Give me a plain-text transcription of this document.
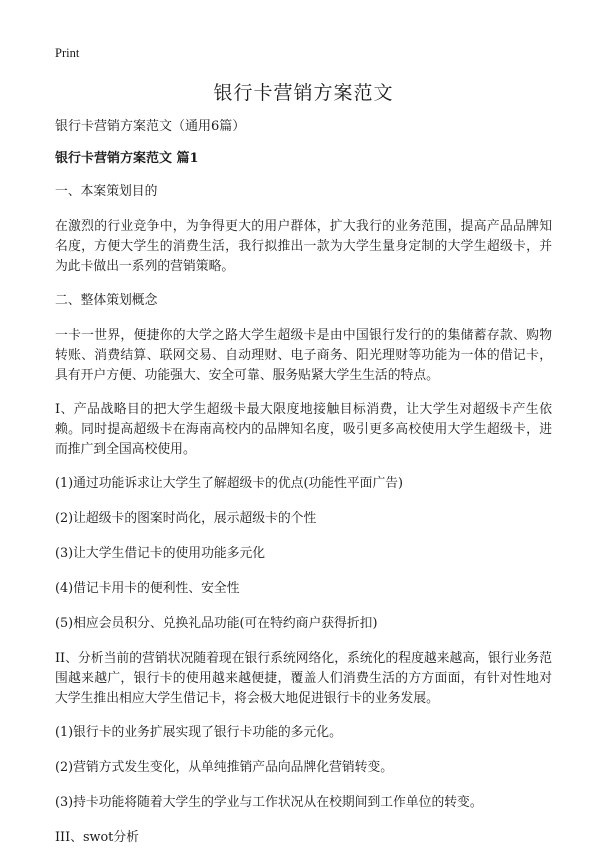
Print
银行卡营销方案范文

银行卡营销方案范文（通用6篇）

银行卡营销方案范文 篇1

一、本案策划目的

在激烈的行业竞争中，为争得更大的用户群体，扩大我行的业务范围，提高产品品牌知名度，方便大学生的消费生活，我行拟推出一款为大学生量身定制的大学生超级卡，并为此卡做出一系列的营销策略。

二、整体策划概念

一卡一世界，便捷你的大学之路大学生超级卡是由中国银行发行的的集储蓄存款、购物转账、消费结算、联网交易、自动理财、电子商务、阳光理财等功能为一体的借记卡，具有开户方便、功能强大、安全可靠、服务贴紧大学生生活的特点。

I、产品战略目的把大学生超级卡最大限度地接触目标消费，让大学生对超级卡产生依赖。同时提高超级卡在海南高校内的品牌知名度，吸引更多高校使用大学生超级卡，进而推广到全国高校使用。

(1)通过功能诉求让大学生了解超级卡的优点(功能性平面广告)

(2)让超级卡的图案时尚化，展示超级卡的个性

(3)让大学生借记卡的使用功能多元化

(4)借记卡用卡的便利性、安全性

(5)相应会员积分、兑换礼品功能(可在特约商户获得折扣)

II、分析当前的营销状况随着现在银行系统网络化，系统化的程度越来越高，银行业务范围越来越广，银行卡的使用越来越便捷，覆盖人们消费生活的方方面面，有针对性地对大学生推出相应大学生借记卡，将会极大地促进银行卡的业务发展。

(1)银行卡的业务扩展实现了银行卡功能的多元化。

(2)营销方式发生变化，从单纯推销产品向品牌化营销转变。

(3)持卡功能将随着大学生的学业与工作状况从在校期间到工作单位的转变。

III、swot分析
